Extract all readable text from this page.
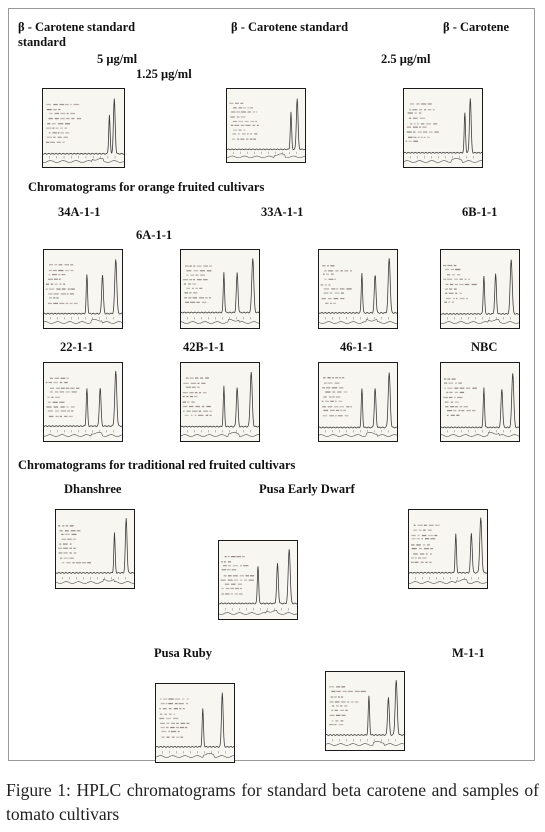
β - Carotene standard
standard
β - Carotene standard	β - Carotene
5 μg/ml
1.25 μg/ml
2.5 μg/ml
Chromatograms for orange fruited cultivars
34A-1-1	33A-1-1	6B-1-1
6A-1-1
22-1-1	42B-1-1	46-1-1	NBC
Chromatograms for traditional red fruited cultivars
Dhanshree	Pusa Early Dwarf
Pusa Ruby	M-1-1
Figure 1: HPLC chromatograms for standard beta carotene and samples of tomato cultivars
